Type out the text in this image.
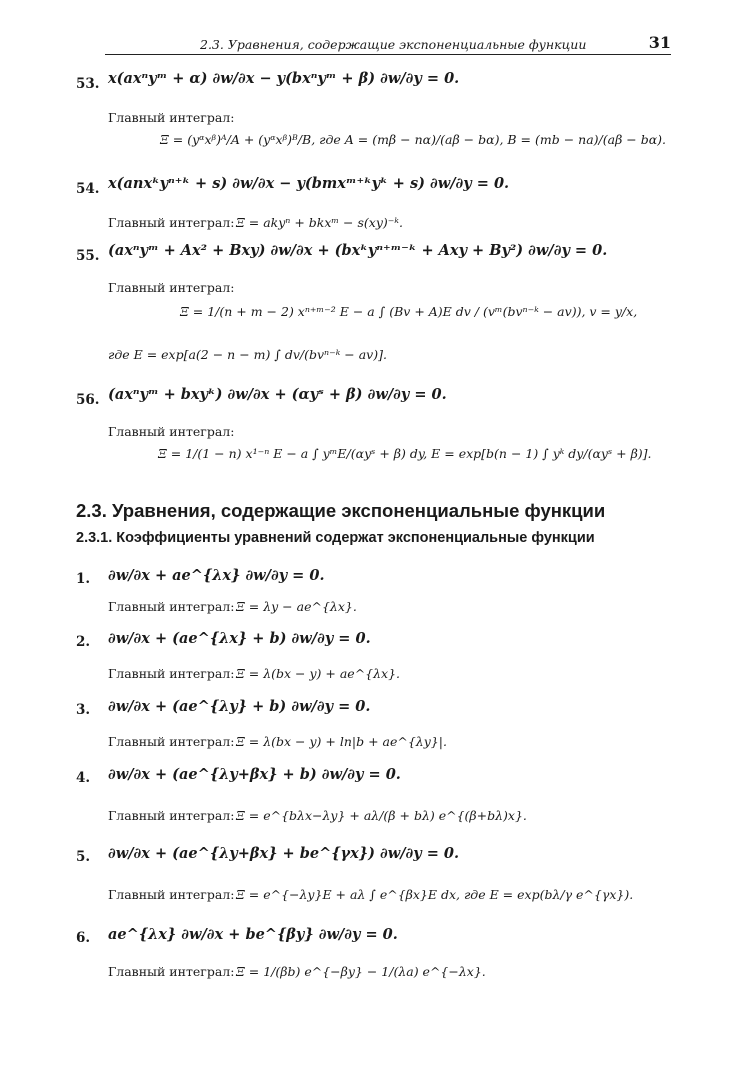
2.3. Уравнения, содержащие экспоненциальные функции	31
53. x(axⁿyᵐ + α) ∂w/∂x − y(bxⁿyᵐ + β) ∂w/∂y = 0.
Главный интеграл:
Ξ = (yᵅxᵝ)ᴬ/A + (yᵅxᵝ)ᴮ/B, где A = (mβ − nα)/(aβ − bα), B = (mb − na)/(aβ − bα).
54. x(anxᵏyⁿ⁺ᵏ + s) ∂w/∂x − y(bmxᵐ⁺ᵏyᵏ + s) ∂w/∂y = 0.
Главный интеграл: Ξ = akyⁿ + bkxᵐ − s(xy)⁻ᵏ.
55. (axⁿyᵐ + Ax² + Bxy) ∂w/∂x + (bxᵏyⁿ⁺ᵐ⁻ᵏ + Axy + By²) ∂w/∂y = 0.
Главный интеграл:
Ξ = 1/(n + m − 2) xⁿ⁺ᵐ⁻² E − a ∫ (Bv + A)E dv / (vᵐ(bvⁿ⁻ᵏ − av)), v = y/x,
где E = exp[a(2 − n − m) ∫ dv/(bvⁿ⁻ᵏ − av)].
56. (axⁿyᵐ + bxyᵏ) ∂w/∂x + (αyˢ + β) ∂w/∂y = 0.
Главный интеграл:
Ξ = 1/(1 − n) x¹⁻ⁿ E − a ∫ yᵐE/(αyˢ + β) dy, E = exp[b(n − 1) ∫ yᵏ dy/(αyˢ + β)].
2.3. Уравнения, содержащие экспоненциальные функции
2.3.1. Коэффициенты уравнений содержат экспоненциальные функции
1. ∂w/∂x + ae^{λx} ∂w/∂y = 0.
Главный интеграл: Ξ = λy − ae^{λx}.
2. ∂w/∂x + (ae^{λx} + b) ∂w/∂y = 0.
Главный интеграл: Ξ = λ(bx − y) + ae^{λx}.
3. ∂w/∂x + (ae^{λy} + b) ∂w/∂y = 0.
Главный интеграл: Ξ = λ(bx − y) + ln|b + ae^{λy}|.
4. ∂w/∂x + (ae^{λy+βx} + b) ∂w/∂y = 0.
Главный интеграл: Ξ = e^{bλx−λy} + aλ/(β + bλ) e^{(β+bλ)x}.
5. ∂w/∂x + (ae^{λy+βx} + be^{γx}) ∂w/∂y = 0.
Главный интеграл: Ξ = e^{−λy}E + aλ ∫ e^{βx}E dx, где E = exp(bλ/γ e^{γx}).
6. ae^{λx} ∂w/∂x + be^{βy} ∂w/∂y = 0.
Главный интеграл: Ξ = 1/(βb) e^{−βy} − 1/(λa) e^{−λx}.
